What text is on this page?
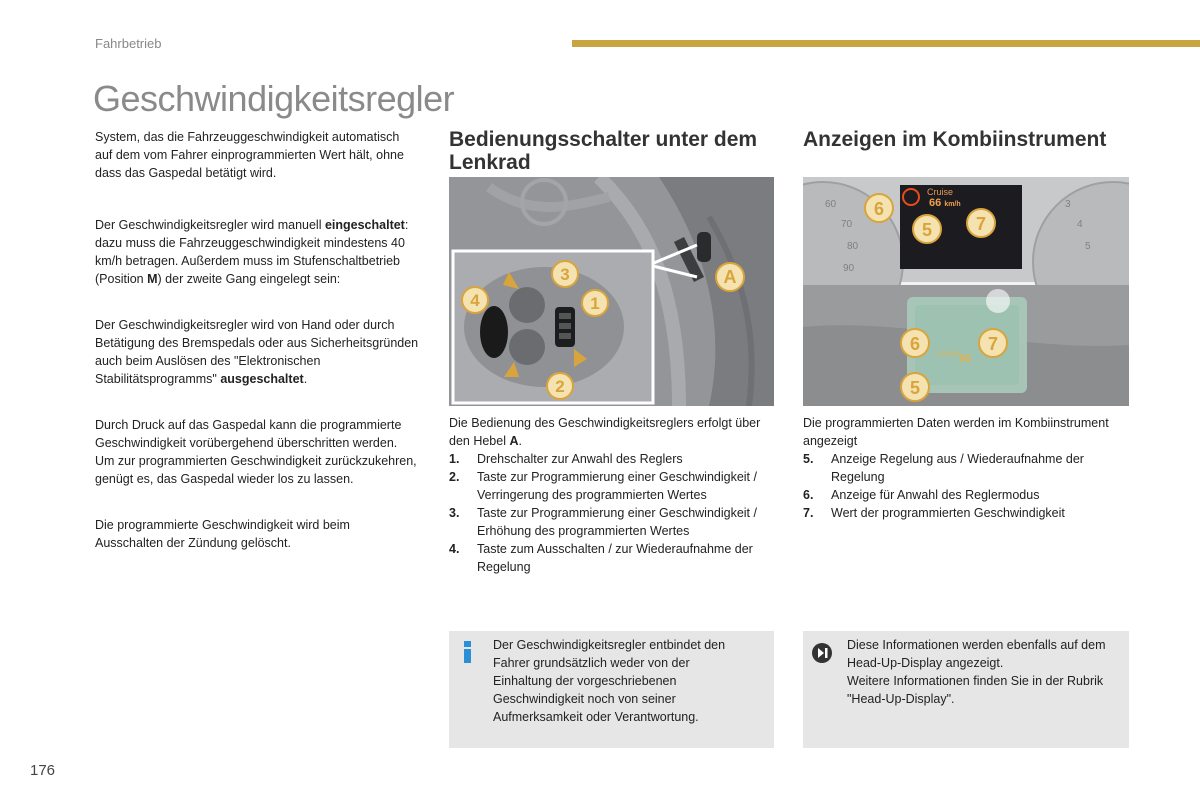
Fahrbetrieb
Geschwindigkeitsregler

System, das die Fahrzeuggeschwindigkeit automatisch auf dem vom Fahrer einprogrammierten Wert hält, ohne dass das Gaspedal betätigt wird.

Der Geschwindigkeitsregler wird manuell eingeschaltet: dazu muss die Fahrzeuggeschwindigkeit mindestens 40 km/h betragen. Außerdem muss im Stufenschaltbetrieb (Position M) der zweite Gang eingelegt sein:

Der Geschwindigkeitsregler wird von Hand oder durch Betätigung des Bremspedals oder aus Sicherheitsgründen auch beim Auslösen des "Elektronischen Stabilitätsprogramms" ausgeschaltet.

Durch Druck auf das Gaspedal kann die programmierte Geschwindigkeit vorübergehend überschritten werden.

Um zur programmierten Geschwindigkeit zurückzukehren, genügt es, das Gaspedal wieder los zu lassen.

Die programmierte Geschwindigkeit wird beim Ausschalten der Zündung gelöscht.

Bedienungsschalter unter dem Lenkrad
3
4	1
2
A

Die Bedienung des Geschwindigkeitsreglers erfolgt über den Hebel A.

1. Drehschalter zur Anwahl des Reglers
2. Taste zur Programmierung einer Geschwindigkeit / Verringerung des programmierten Wertes
3. Taste zur Programmierung einer Geschwindigkeit / Erhöhung des programmierten Wertes
4. Taste zum Ausschalten / zur Wiederaufnahme der Regelung

Der Geschwindigkeitsregler entbindet den Fahrer grundsätzlich weder von der Einhaltung der vorgeschriebenen Geschwindigkeit noch von seiner Aufmerksamkeit oder Verantwortung.

Anzeigen im Kombiinstrument
60
70
80
90
3
4
5
Cruise
66 km/h
CRUISE 90
6
5 7
6	7
5

Die programmierten Daten werden im Kombiinstrument angezeigt

5. Anzeige Regelung aus / Wiederaufnahme der Regelung
6. Anzeige für Anwahl des Reglermodus
7. Wert der programmierten Geschwindigkeit

Diese Informationen werden ebenfalls auf dem Head-Up-Display angezeigt.
Weitere Informationen finden Sie in der Rubrik "Head-Up-Display".

176
